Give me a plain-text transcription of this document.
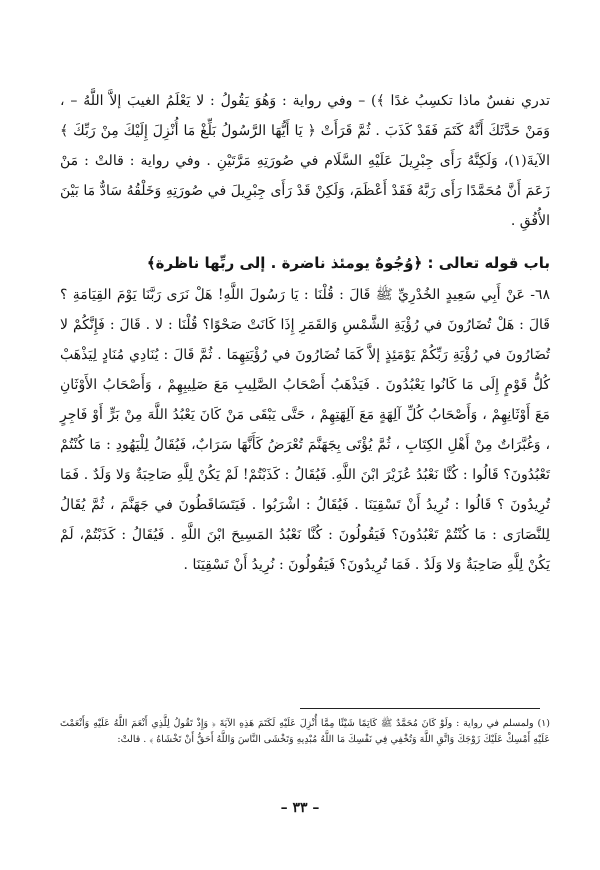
تدري نفسٌ ماذا تكسِبُ غدًا ﴾) – وفي رواية : وَهُوَ يَقُولُ : لا يَعْلَمُ الغيبَ إلاَّ اللَّهُ – ، وَمَنْ حَدَّثَكَ أَنَّهُ كَتَمَ فَقَدْ كَذَبَ . ثُمَّ قَرَأَتْ ﴿ يَا أَيُّهَا الرَّسُولُ بَلِّغْ مَا أُنْزِلَ إِلَيْكَ مِنْ رَبِّكَ ﴾ الآيةَ(١)، وَلَكِنَّهُ رَأَى جِبْرِيلَ عَلَيْهِ السَّلَام في صُورَتِهِ مَرَّتَيْنِ . وفي رواية : قالتْ : مَنْ زَعَمَ أَنَّ مُحَمَّدًا رَأَى رَبَّهُ فَقَدْ أَعْظَمَ، وَلَكِنْ قَدْ رَأَى جِبْرِيلَ في صُورَتِهِ وَخَلْقُهُ سَادٌّ مَا بَيْنَ الأُفُقِ .

باب قوله تعالى : ﴿وُجُوهٌ يومئذ ناضرة . إلى ربِّها ناظرة﴾

٦٨- عَنْ أَبِي سَعِيدٍ الخُدْرِيِّ ﷺ قَالَ : قُلْنَا : يَا رَسُولَ اللَّهِ! هَلْ نَرَى رَبَّنَا يَوْمَ القِيَامَةِ ؟ قَالَ : هَلْ تُضَارُونَ في رُؤْيَةِ الشَّمْسِ وَالقَمَرِ إِذَا كَانَتْ صَحْوًا؟ قُلْنَا : لا . قَالَ : فَإِنَّكُمْ لا تُضَارُونَ في رُؤْيَةِ رَبِّكُمْ يَوْمَئِذٍ إلاَّ كَمَا تُضَارُونَ في رُؤْيَتِهِمَا . ثُمَّ قَالَ : يُنَادِي مُنَادٍ لِيَذْهَبْ كُلُّ قَوْمٍ إِلَى مَا كَانُوا يَعْبُدُونَ . فَيَذْهَبُ أَصْحَابُ الصَّلِيبِ مَعَ صَلِيبِهِمْ ، وَأَصْحَابُ الأَوْثَانِ مَعَ أَوْثَانِهِمْ ، وَأَصْحَابُ كُلِّ آلِهَةٍ مَعَ آلِهَتِهِمْ ، حَتَّى يَبْقَى مَنْ كَانَ يَعْبُدُ اللَّهَ مِنْ بَرٍّ أَوْ فَاجِرٍ ، وَغُبَّرَاتٌ مِنْ أَهْلِ الكِتَابِ ، ثُمَّ يُؤْتَى بِجَهَنَّمَ تُعْرَضُ كَأَنَّهَا سَرَابٌ، فَيُقَالُ لِلْيَهُودِ : مَا كُنْتُمْ تَعْبُدُونَ؟ قَالُوا : كُنَّا نَعْبُدُ عُزَيْرَ ابْنَ اللَّهِ. فَيُقَالُ : كَذَبْتُمْ! لَمْ يَكُنْ لِلَّهِ صَاحِبَةٌ وَلا وَلَدٌ . فَمَا تُرِيدُونَ ؟ قَالُوا : نُرِيدُ أَنْ تَسْقِيَنَا . فَيُقَالُ : اشْرَبُوا . فَيَتَسَاقَطُونَ في جَهَنَّمَ ، ثُمَّ يُقَالُ لِلنَّصَارَى : مَا كُنْتُمْ تَعْبُدُونَ؟ فَيَقُولُونَ : كُنَّا نَعْبُدُ المَسِيحَ ابْنَ اللَّهِ . فَيُقَالُ : كَذَبْتُمْ، لَمْ يَكُنْ لِلَّهِ صَاحِبَةٌ وَلا وَلَدٌ . فَمَا تُرِيدُونَ؟ فَيَقُولُونَ : نُرِيدُ أَنْ تَسْقِيَنَا .

(١) ولمسلم في رواية : ولَوْ كَانَ مُحَمَّدٌ ﷺ كَاتِمًا شَيْئًا مِمَّا أُنْزِلَ عَلَيْهِ لَكَتَمَ هَذِهِ الآيَةَ ﴿ وَإِذْ تَقُولُ لِلَّذِي أَنْعَمَ اللَّهُ عَلَيْهِ وَأَنْعَمْتَ عَلَيْهِ أَمْسِكْ عَلَيْكَ زَوْجَكَ وَاتَّقِ اللَّهَ وَتُخْفِي فِي نَفْسِكَ مَا اللَّهُ مُبْدِيهِ وَتَخْشَى النَّاسَ وَاللَّهُ أَحَقُّ أَنْ تَخْشَاهُ ﴾ . قالتْ:
– ٣٣ –
